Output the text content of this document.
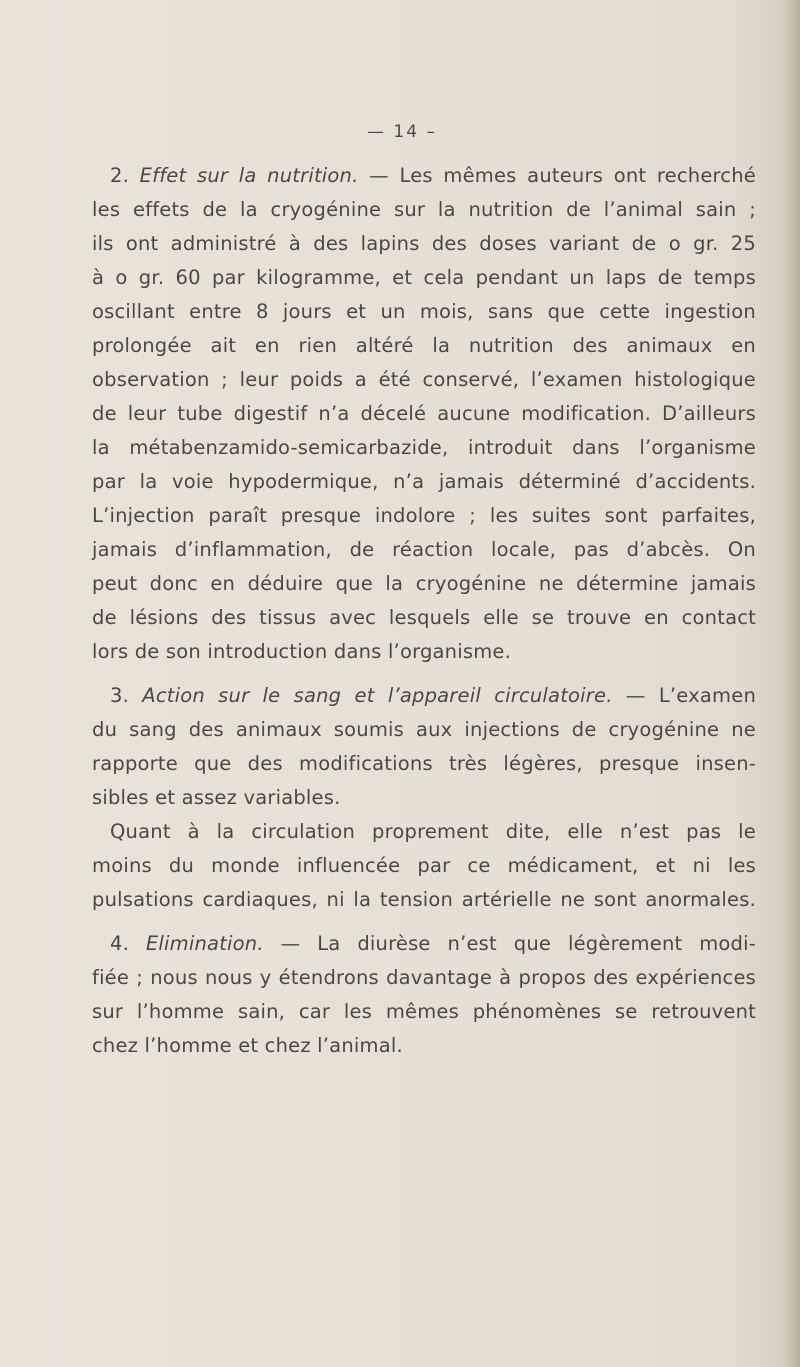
— 14 –
2. Effet sur la nutrition. — Les mêmes auteurs ont recherché
les effets de la cryogénine sur la nutrition de l’animal sain ;
ils ont administré à des lapins des doses variant de o gr. 25
à o gr. 60 par kilogramme, et cela pendant un laps de temps
oscillant entre 8 jours et un mois, sans que cette ingestion
prolongée ait en rien altéré la nutrition des animaux en
observation ; leur poids a été conservé, l’examen histologique
de leur tube digestif n’a décelé aucune modification. D’ailleurs
la métabenzamido-semicarbazide, introduit dans l’organisme
par la voie hypodermique, n’a jamais déterminé d’accidents.
L’injection paraît presque indolore ; les suites sont parfaites,
jamais d’inflammation, de réaction locale, pas d’abcès. On
peut donc en déduire que la cryogénine ne détermine jamais
de lésions des tissus avec lesquels elle se trouve en contact
lors de son introduction dans l’organisme.
3. Action sur le sang et l’appareil circulatoire. — L’examen
du sang des animaux soumis aux injections de cryogénine ne
rapporte que des modifications très légères, presque insen-
sibles et assez variables.
Quant à la circulation proprement dite, elle n’est pas le
moins du monde influencée par ce médicament, et ni les
pulsations cardiaques, ni la tension artérielle ne sont anormales.
4. Elimination. — La diurèse n’est que légèrement modi-
fiée ; nous nous y étendrons davantage à propos des expériences
sur l’homme sain, car les mêmes phénomènes se retrouvent
chez l’homme et chez l’animal.
